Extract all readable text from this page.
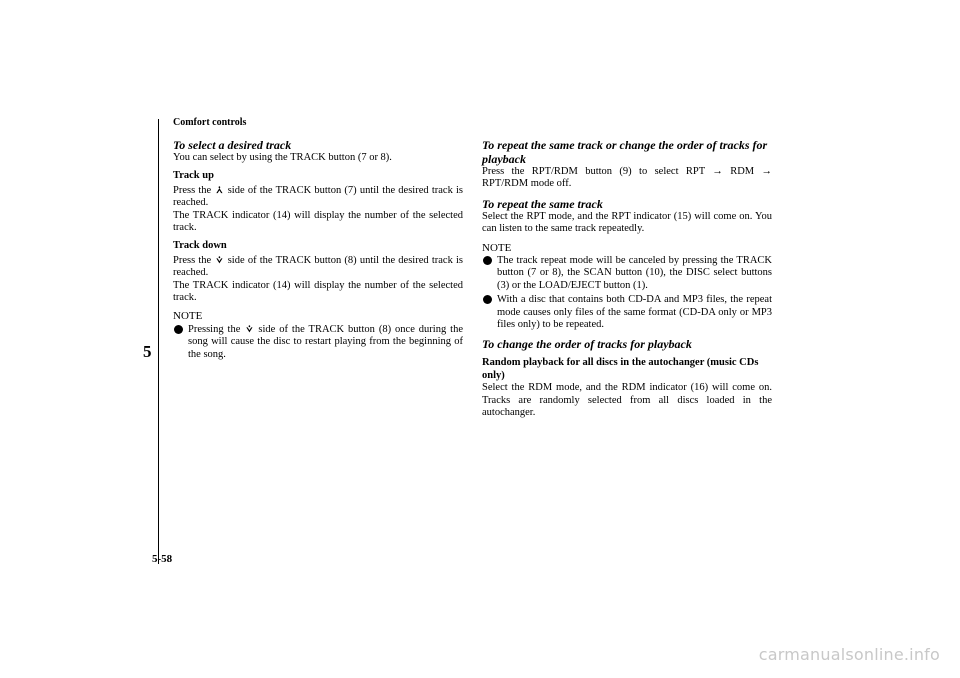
Comfort controls
5
5-58
To select a desired track

You can select by using the TRACK button (7 or 8).

Track up

Press the ⩑ side of the TRACK button (7) until the desired track is reached.

The TRACK indicator (14) will display the number of the selected track.

Track down

Press the ⩒ side of the TRACK button (8) until the desired track is reached.

The TRACK indicator (14) will display the number of the selected track.

NOTE
Pressing the ⩒ side of the TRACK button (8) once during the song will cause the disc to restart playing from the beginning of the song.
To repeat the same track or change the order of tracks for playback

Press the RPT/RDM button (9) to select RPT → RDM → RPT/RDM mode off.

To repeat the same track

Select the RPT mode, and the RPT indicator (15) will come on. You can listen to the same track repeatedly.

NOTE
The track repeat mode will be canceled by pressing the TRACK button (7 or 8), the SCAN button (10), the DISC select buttons (3) or the LOAD/EJECT button (1).
With a disc that contains both CD-DA and MP3 files, the repeat mode causes only files of the same format (CD-DA only or MP3 files only) to be repeated.
To change the order of tracks for playback
Random playback for all discs in the autochanger (music CDs only)

Select the RDM mode, and the RDM indicator (16) will come on. Tracks are randomly selected from all discs loaded in the autochanger.

carmanualsonline.info
